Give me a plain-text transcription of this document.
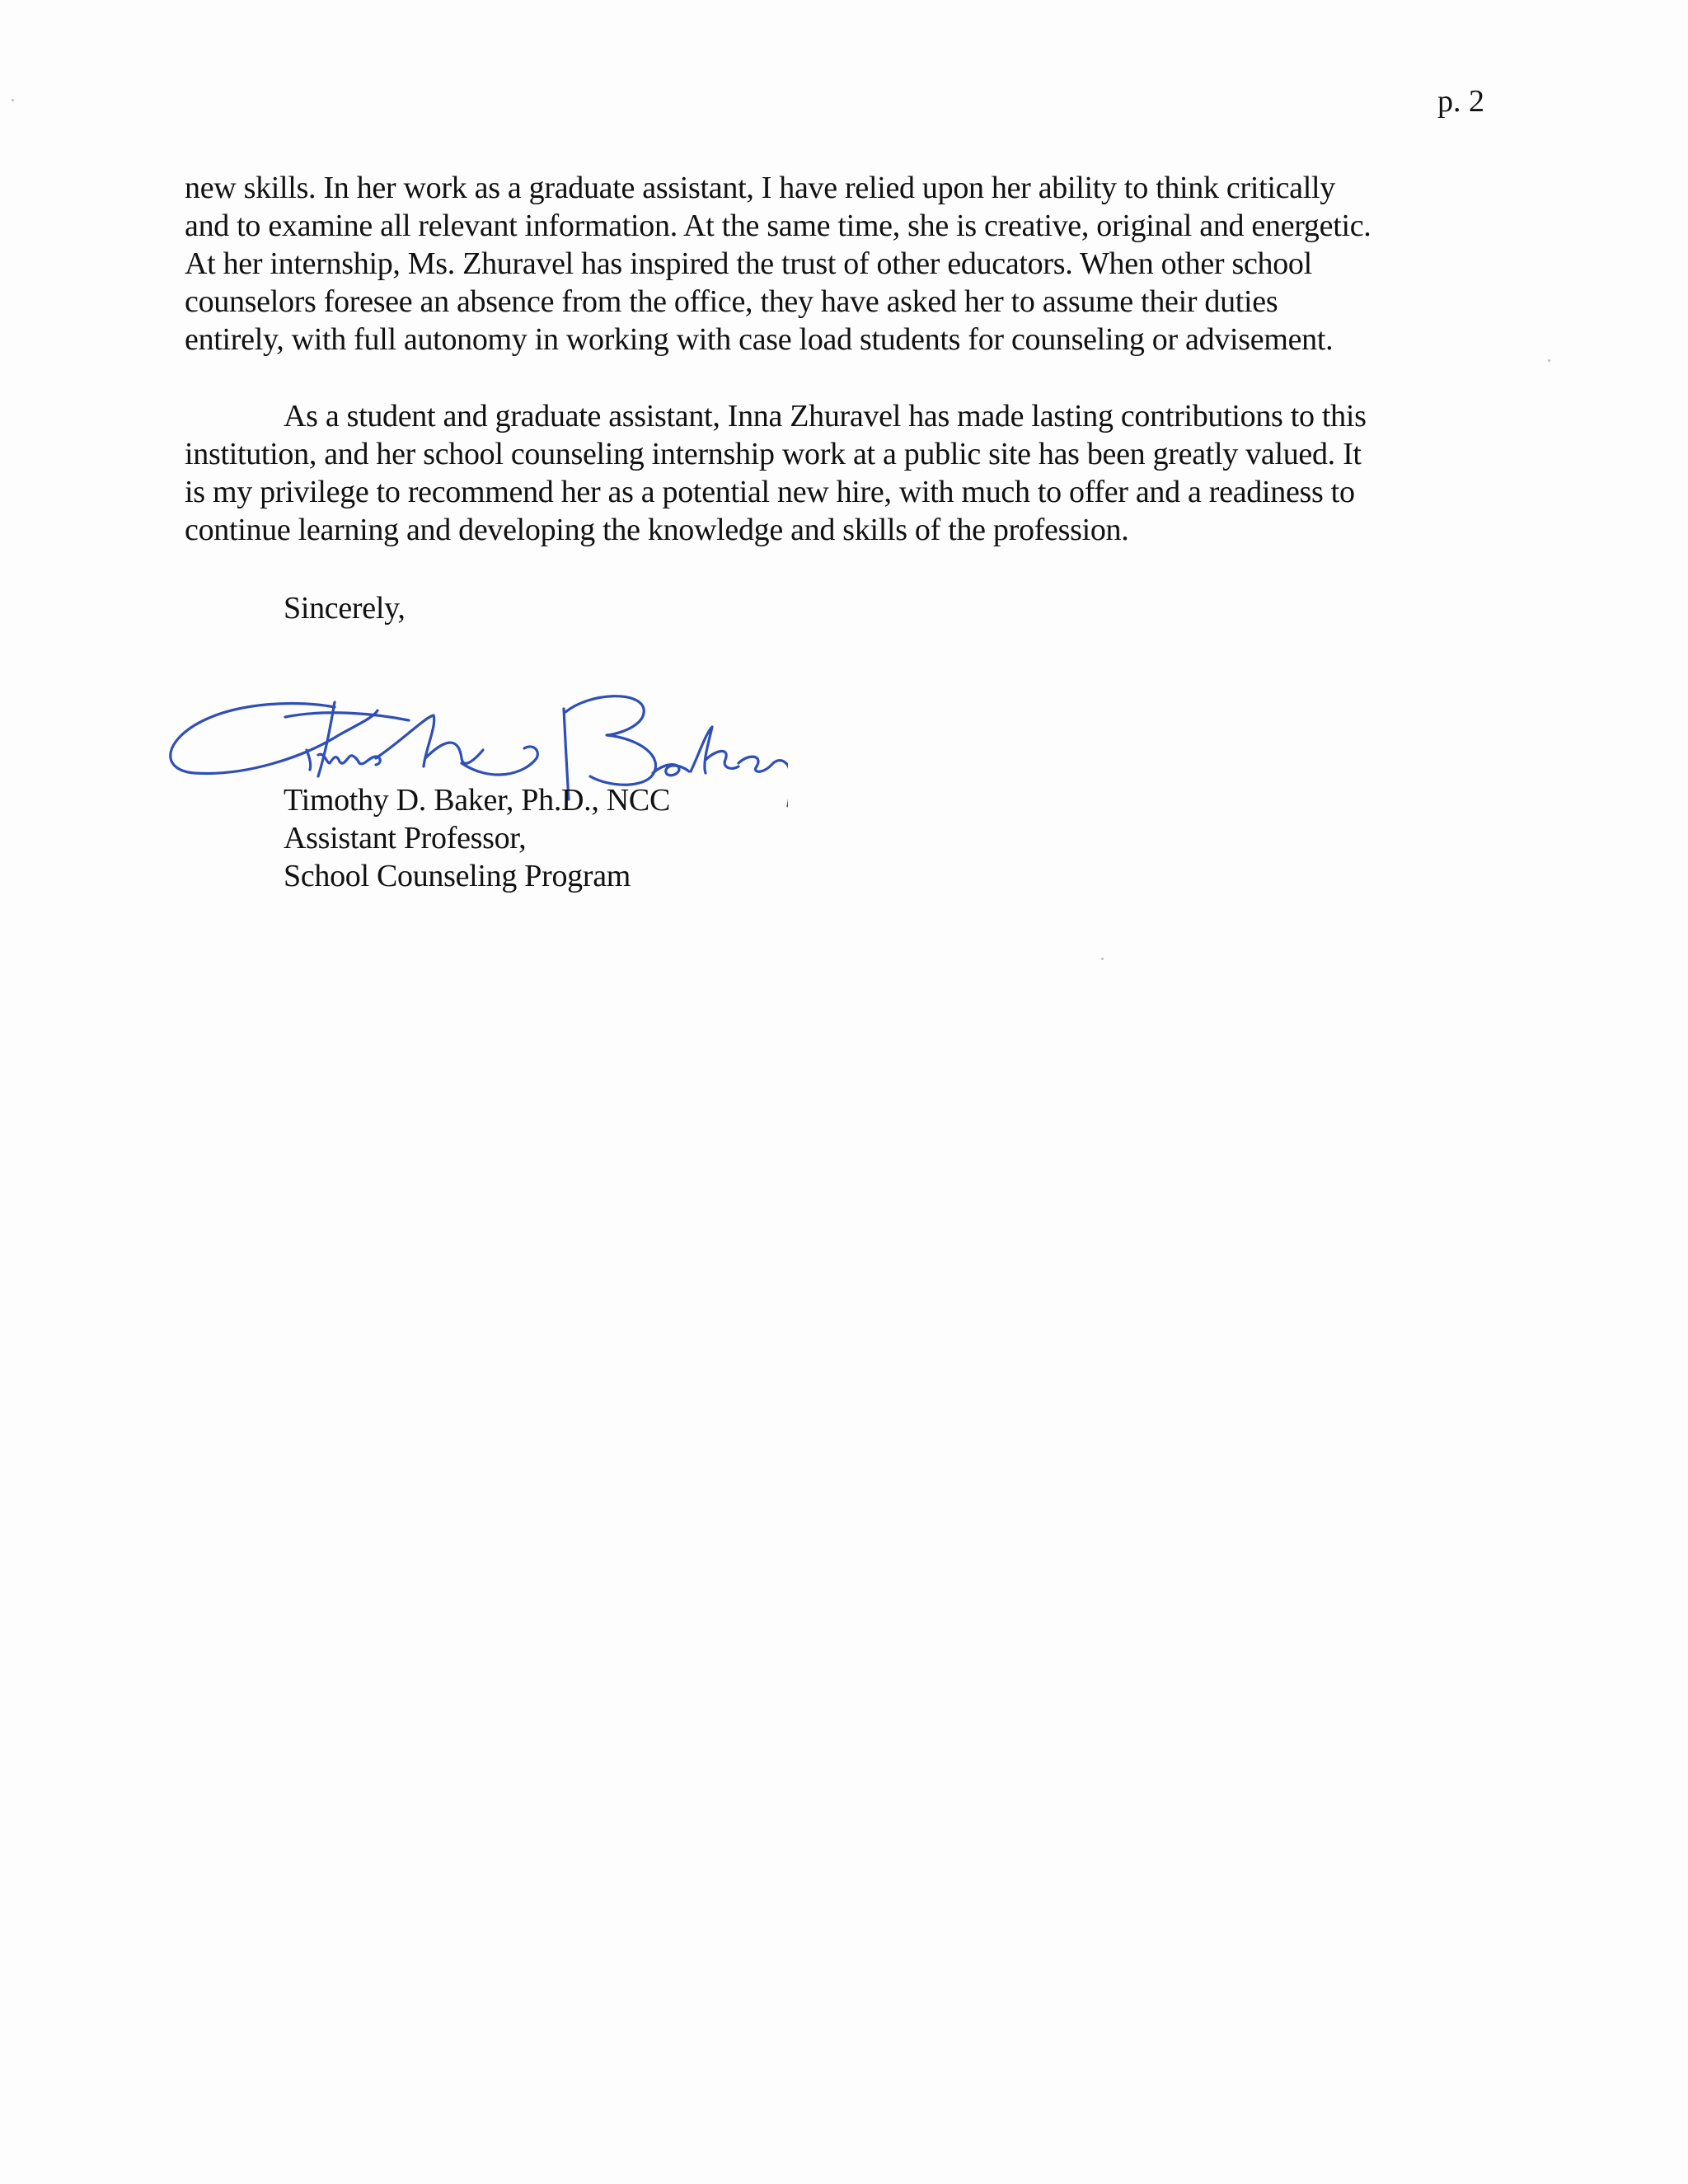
p. 2
new skills. In her work as a graduate assistant, I have relied upon her ability to think critically
and to examine all relevant information. At the same time, she is creative, original and energetic.
At her internship, Ms. Zhuravel has inspired the trust of other educators. When other school
counselors foresee an absence from the office, they have asked her to assume their duties
entirely, with full autonomy in working with case load students for counseling or advisement.
As a student and graduate assistant, Inna Zhuravel has made lasting contributions to this
institution, and her school counseling internship work at a public site has been greatly valued. It
is my privilege to recommend her as a potential new hire, with much to offer and a readiness to
continue learning and developing the knowledge and skills of the profession.
Sincerely,
Timothy D. Baker, Ph.D., NCC
Assistant Professor,
School Counseling Program
